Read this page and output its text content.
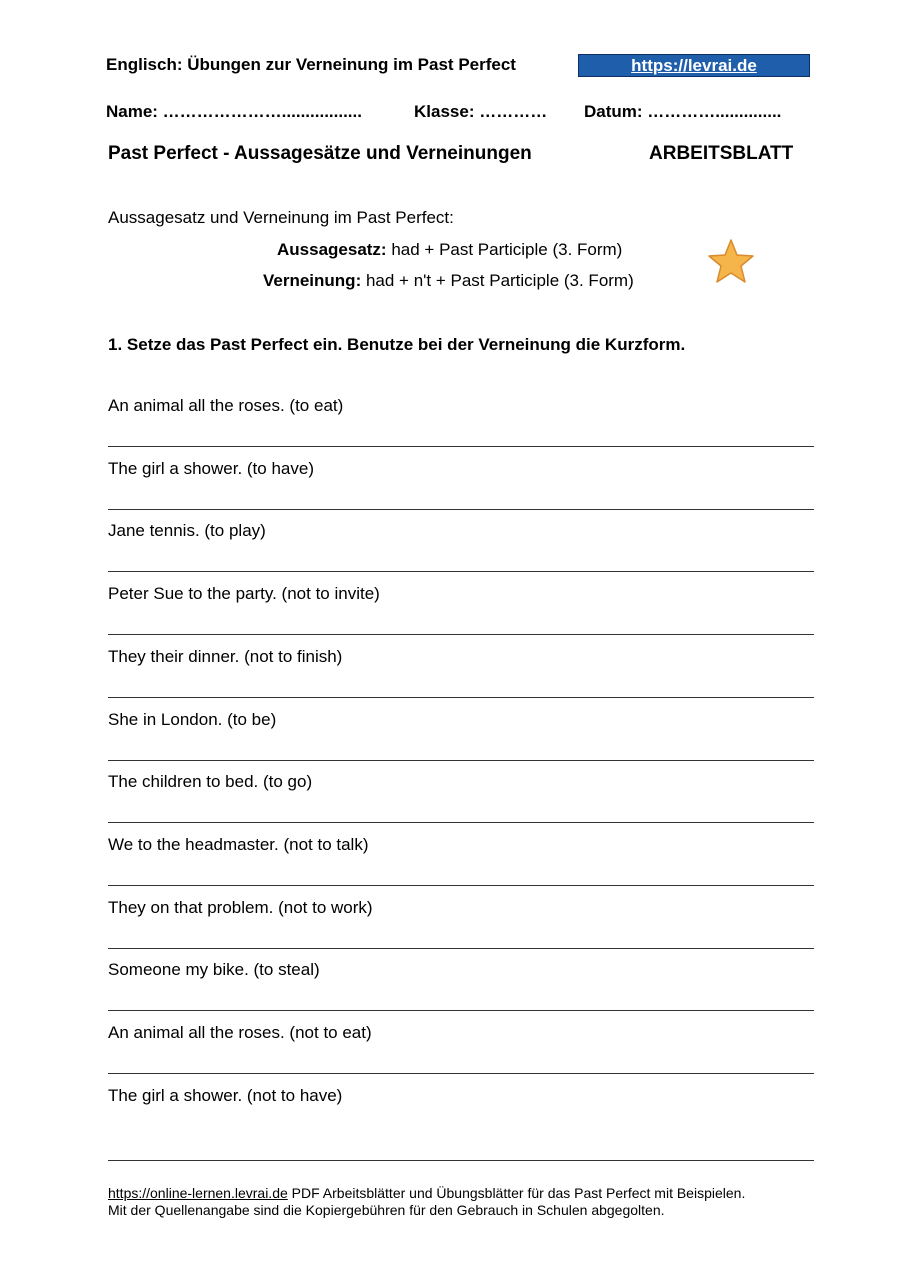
Englisch: Übungen zur Verneinung im Past Perfect	https://levrai.de
Name: ………………….................	Klasse: ………… Datum: …………..............
Past Perfect - Aussagesätze und Verneinungen	ARBEITSBLATT
Aussagesatz und Verneinung im Past Perfect:
Aussagesatz: had + Past Participle (3. Form)
Verneinung: had + n't + Past Participle (3. Form)
1. Setze das Past Perfect ein. Benutze bei der Verneinung die Kurzform.
An animal all the roses. (to eat)
The girl a shower. (to have)
Jane tennis. (to play)
Peter Sue to the party. (not to invite)
They their dinner. (not to finish)
She in London. (to be)
The children to bed. (to go)
We to the headmaster. (not to talk)
They on that problem. (not to work)
Someone my bike. (to steal)
An animal all the roses. (not to eat)
The girl a shower. (not to have)
https://online-lernen.levrai.de PDF Arbeitsblätter und Übungsblätter für das Past Perfect mit Beispielen.
Mit der Quellenangabe sind die Kopiergebühren für den Gebrauch in Schulen abgegolten.
